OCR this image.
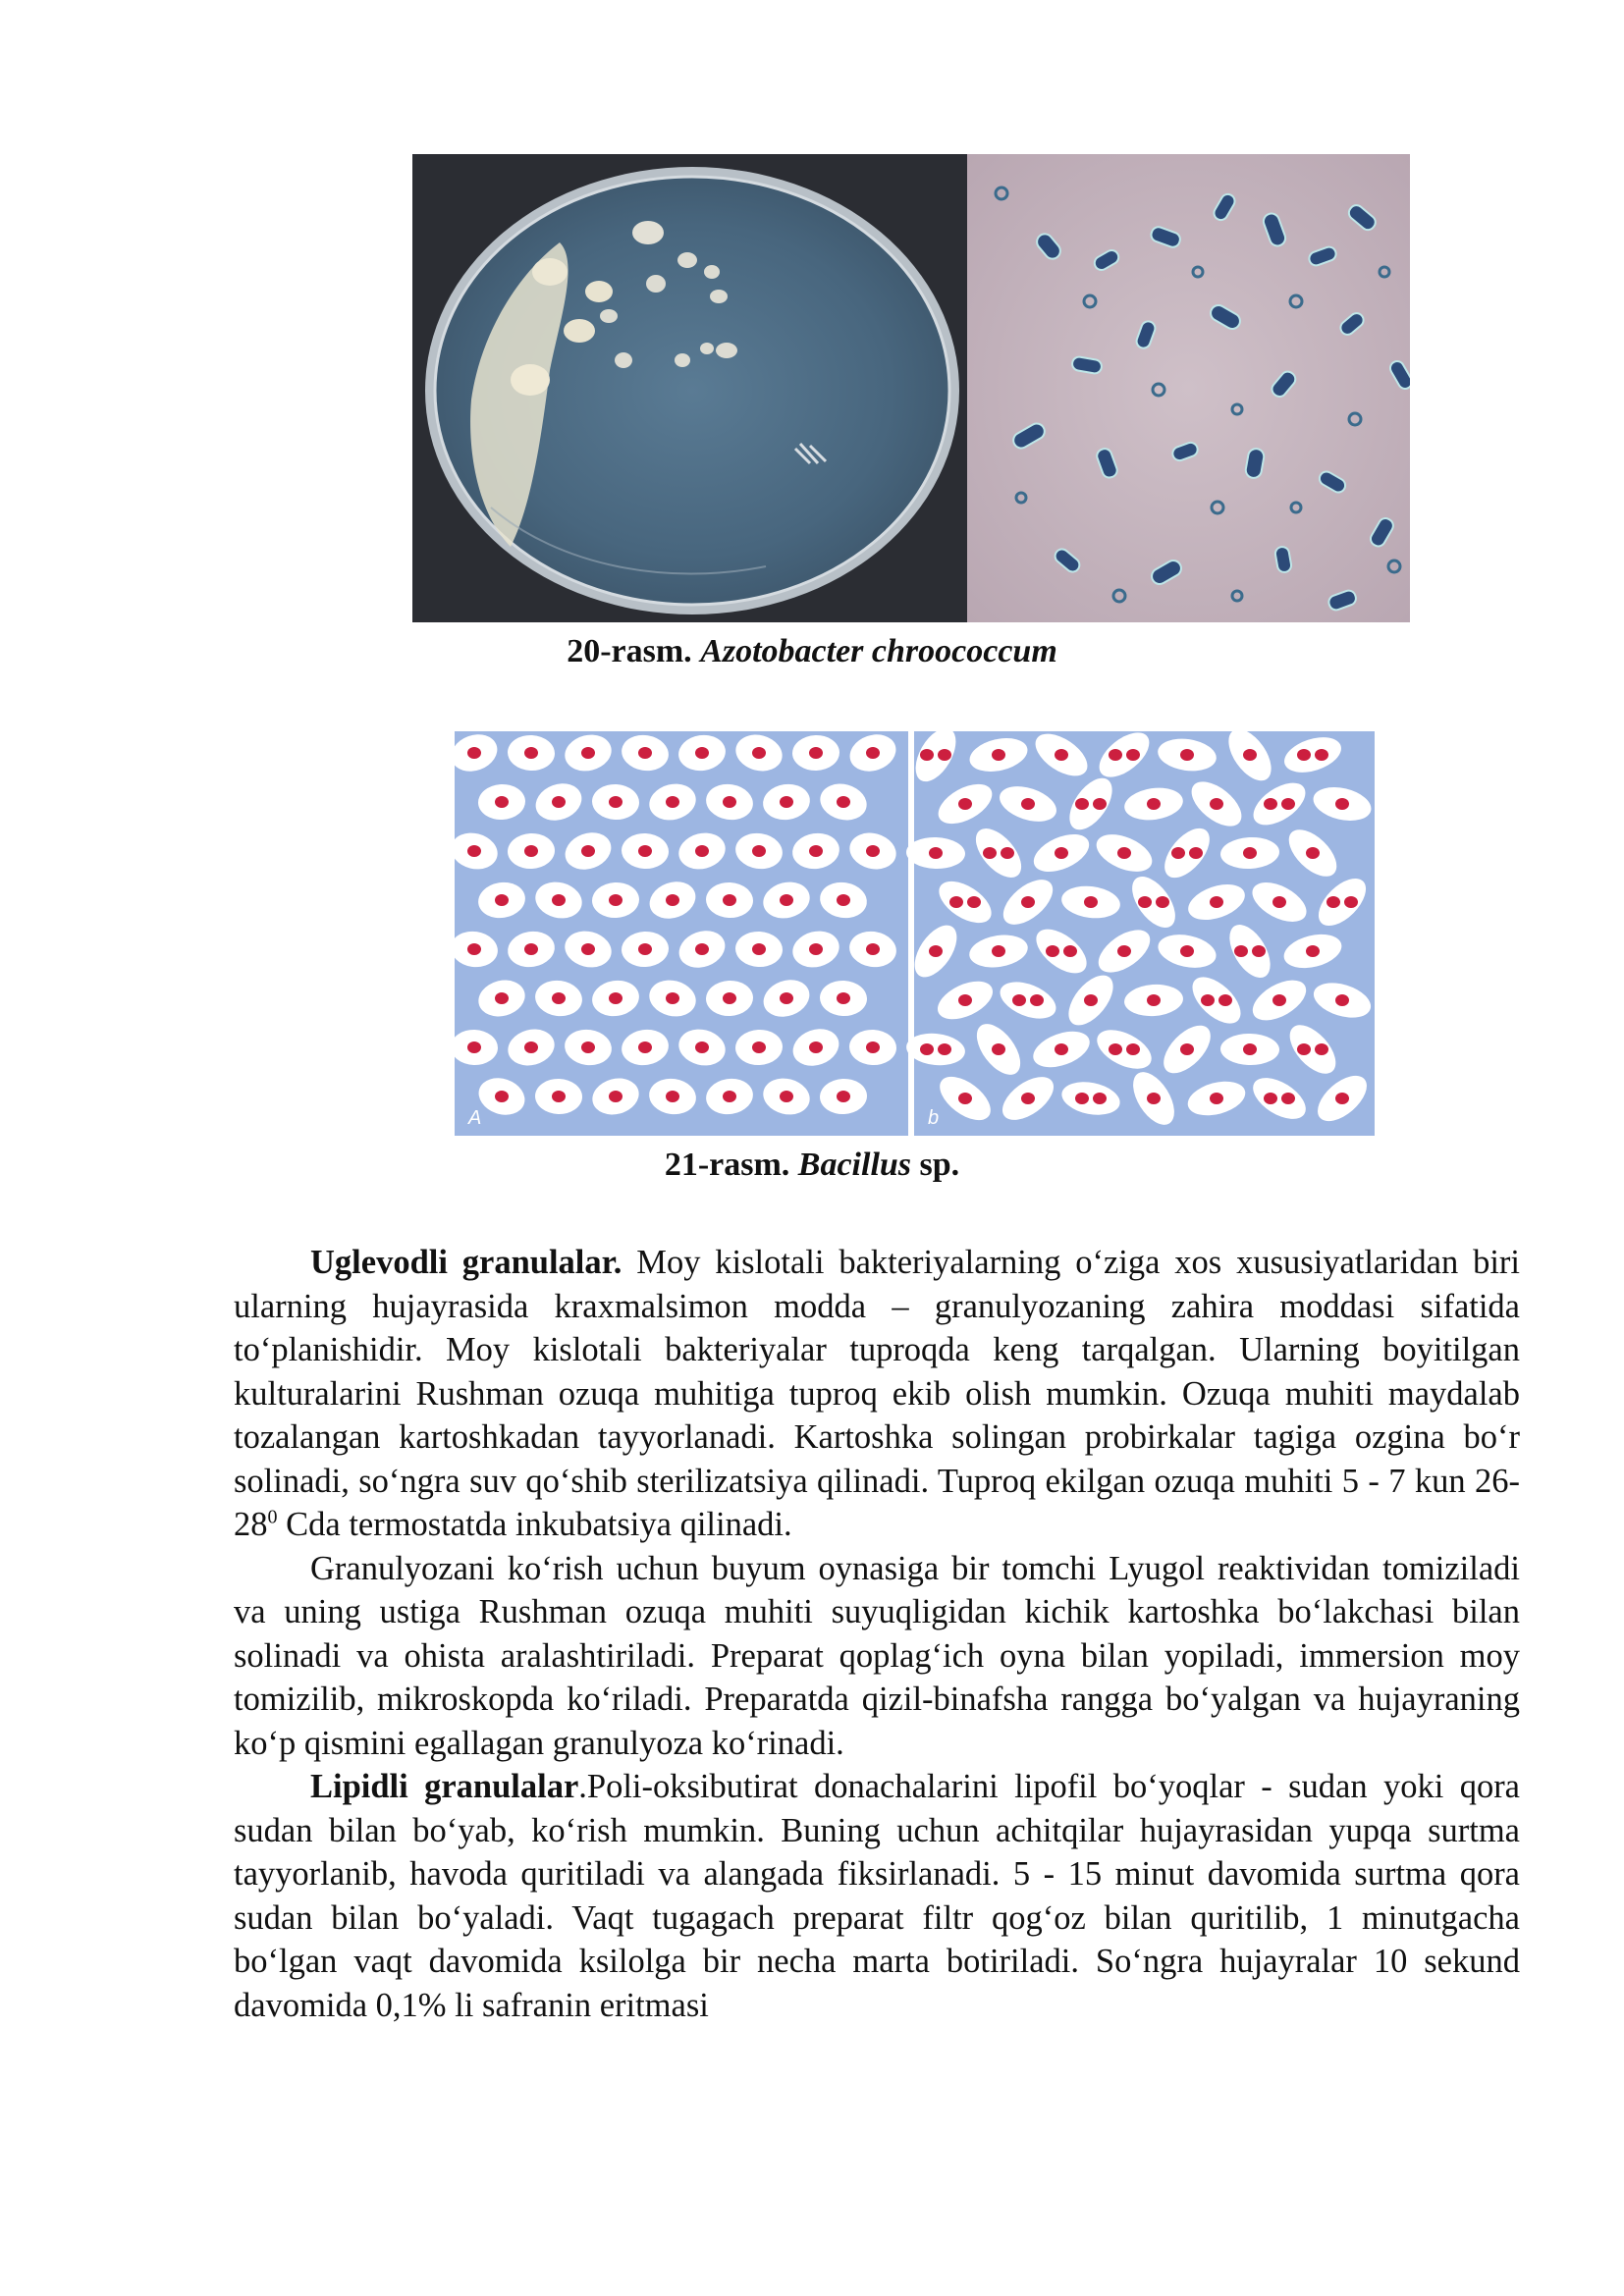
20-rasm. Azotobacter chroococcum
A	b
21-rasm. Bacillus sp.

Uglevodli granulalar. Moy kislotali bakteriyalarning o‘ziga xos xususiyatlaridan biri ularning hujayrasida kraxmalsimon modda – granulyozaning zahira moddasi sifatida to‘planishidir. Moy kislotali bakteriyalar tuproqda keng tarqalgan. Ularning boyitilgan kulturalarini Rushman ozuqa muhitiga tuproq ekib olish mumkin. Ozuqa muhiti maydalab tozalangan kartoshkadan tayyorlanadi. Kartoshka solingan probirkalar tagiga ozgina bo‘r solinadi, so‘ngra suv qo‘shib sterilizatsiya qilinadi. Tuproq ekilgan ozuqa muhiti 5 - 7 kun $26-28^0$ Cda termostatda inkubatsiya qilinadi.

Granulyozani ko‘rish uchun buyum oynasiga bir tomchi Lyugol reaktividan tomiziladi va uning ustiga Rushman ozuqa muhiti suyuqligidan kichik kartoshka bo‘lakchasi bilan solinadi va ohista aralashtiriladi. Preparat qoplag‘ich oyna bilan yopiladi, immersion moy tomizilib, mikroskopda ko‘riladi. Preparatda qizil-binafsha rangga bo‘yalgan va hujayraning ko‘p qismini egallagan granulyoza ko‘rinadi.

Lipidli granulalar.Poli-oksibutirat donachalarini lipofil bo‘yoqlar - sudan yoki qora sudan bilan bo‘yab, ko‘rish mumkin. Buning uchun achitqilar hujayrasidan yupqa surtma tayyorlanib, havoda quritiladi va alangada fiksirlanadi. 5 - 15 minut davomida surtma qora sudan bilan bo‘yaladi. Vaqt tugagach preparat filtr qog‘oz bilan quritilib, 1 minutgacha bo‘lgan vaqt davomida ksilolga bir necha marta botiriladi. So‘ngra hujayralar 10 sekund davomida 0,1% li safranin eritmasi
